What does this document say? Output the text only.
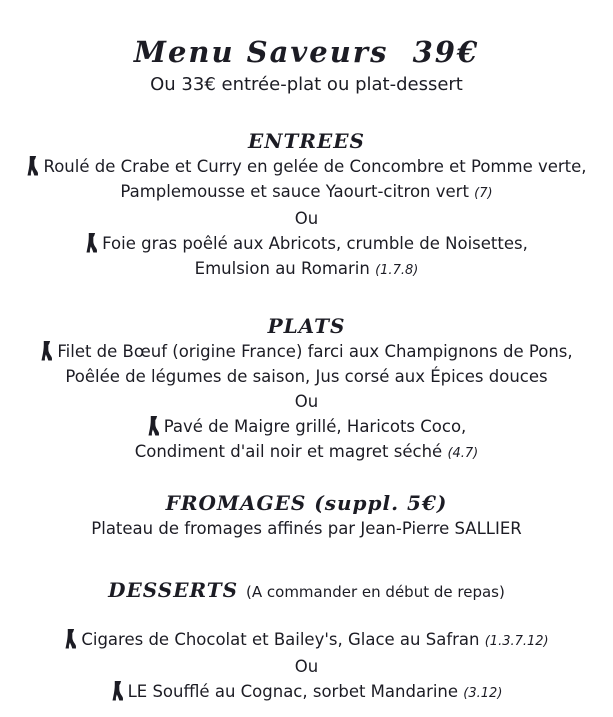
Menu Saveurs  39€
Ou 33€ entrée-plat ou plat-dessert
ENTREES
Roulé de Crabe et Curry en gelée de Concombre et Pomme verte,
Pamplemousse et sauce Yaourt-citron vert (7)
Ou
Foie gras poêlé aux Abricots, crumble de Noisettes,
Emulsion au Romarin (1.7.8)
PLATS
Filet de Bœuf (origine France) farci aux Champignons de Pons,
Poêlée de légumes de saison, Jus corsé aux Épices douces
Ou
Pavé de Maigre grillé, Haricots Coco,
Condiment d'ail noir et magret séché (4.7)
FROMAGES (suppl. 5€)
Plateau de fromages affinés par Jean-Pierre SALLIER
DESSERTS (A commander en début de repas)
Cigares de Chocolat et Bailey's, Glace au Safran (1.3.7.12)
Ou
LE Soufflé au Cognac, sorbet Mandarine (3.12)
